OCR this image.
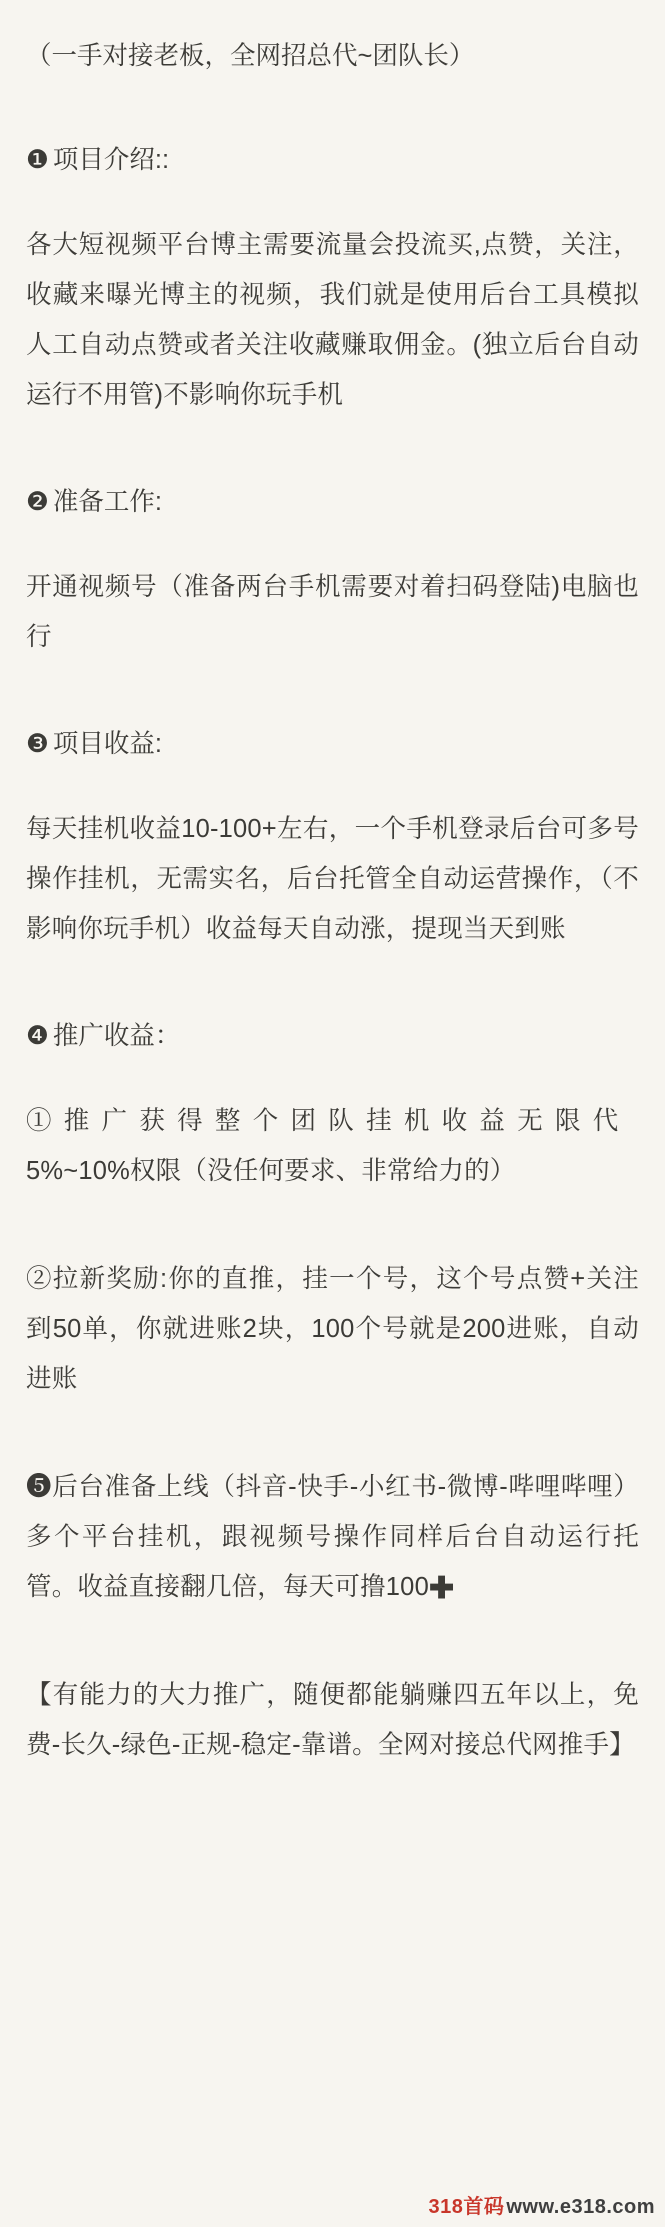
（一手对接老板，全网招总代~团队长）
❶ 项目介绍::
各大短视频平台博主需要流量会投流买,点赞，关注，收藏来曝光博主的视频，我们就是使用后台工具模拟人工自动点赞或者关注收藏赚取佣金。(独立后台自动运行不用管)不影响你玩手机
❷ 准备工作:
开通视频号（准备两台手机需要对着扫码登陆)电脑也行
❸ 项目收益:
每天挂机收益10-100+左右，一个手机登录后台可多号操作挂机，无需实名，后台托管全自动运营操作，（不影响你玩手机）收益每天自动涨，提现当天到账
❹ 推广收益：
① 推 广 获 得 整 个 团 队 挂 机 收 益 无 限 代
5%~10%权限（没任何要求、非常给力的）
②拉新奖励:你的直推，挂一个号，这个号点赞+关注到50单，你就进账2块，100个号就是200进账，自动进账
❺后台准备上线（抖音-快手-小红书-微博-哔哩哔哩）多个平台挂机，跟视频号操作同样后台自动运行托管。收益直接翻几倍，每天可撸100✚
【有能力的大力推广，随便都能躺赚四五年以上，免费-长久-绿色-正规-稳定-靠谱。全网对接总代网推手】
318首码 www.e318.com
